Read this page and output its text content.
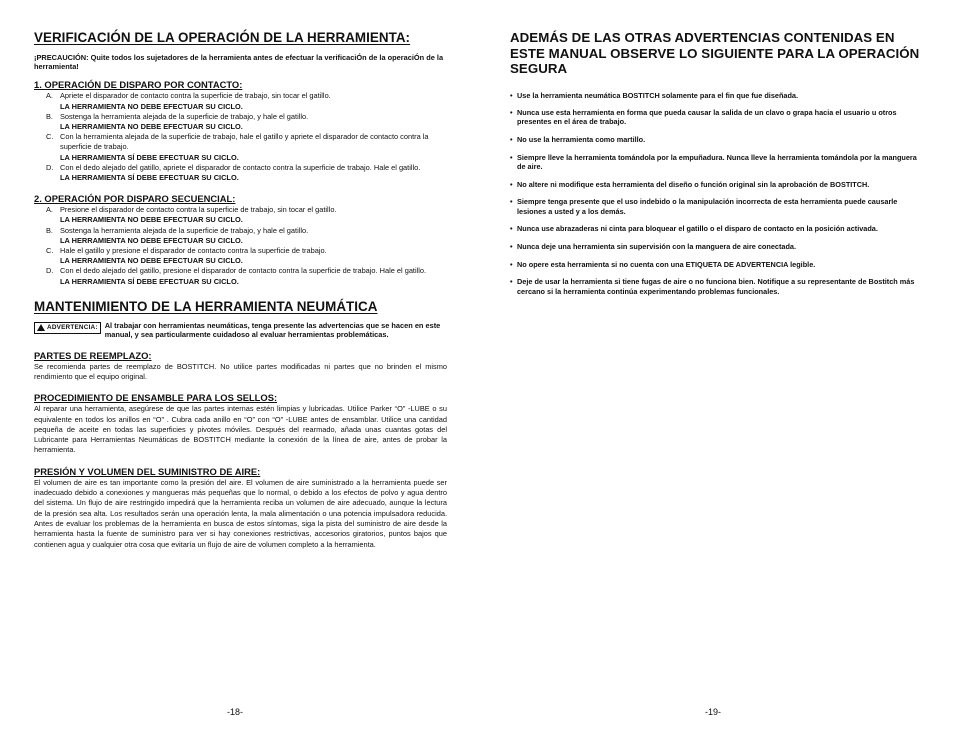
VERIFICACIÓN DE LA OPERACIÓN DE LA HERRAMIENTA:

¡PRECAUCIÓN: Quite todos los sujetadores de la herramienta antes de efectuar la verificaciÓn de la operaciÓn de la herramienta!

1. OPERACIÓN DE DISPARO POR CONTACTO:
A. Apriete el disparador de contacto contra la superficie de trabajo, sin tocar el gatillo.
LA HERRAMIENTA NO DEBE EFECTUAR SU CICLO.
B. Sostenga la herramienta alejada de la superficie de trabajo, y hale el gatillo.
LA HERRAMIENTA NO DEBE EFECTUAR SU CICLO.
C. Con la herramienta alejada de la superficie de trabajo, hale el gatillo y apriete el disparador de contacto contra la superficie de trabajo.
LA HERRAMIENTA SÍ DEBE EFECTUAR SU CICLO.
D. Con el dedo alejado del gatillo, apriete el disparador de contacto contra la superficie de trabajo. Hale el gatillo.
LA HERRAMIENTA SÍ DEBE EFECTUAR SU CICLO.
2. OPERACIÓN POR DISPARO SECUENCIAL:
A. Presione el disparador de contacto contra la superficie de trabajo, sin tocar el gatillo.
LA HERRAMIENTA NO DEBE EFECTUAR SU CICLO.
B. Sostenga la herramienta alejada de la superficie de trabajo, y hale el gatillo.
LA HERRAMIENTA NO DEBE EFECTUAR SU CICLO.
C. Hale el gatillo y presione el disparador de contacto contra la superficie de trabajo.
LA HERRAMIENTA NO DEBE EFECTUAR SU CICLO.
D. Con el dedo alejado del gatillo, presione el disparador de contacto contra la superficie de trabajo. Hale el gatillo.
LA HERRAMIENTA SÍ DEBE EFECTUAR SU CICLO.
MANTENIMIENTO DE LA HERRAMIENTA NEUMÁTICA
ADVERTENCIA: Al trabajar con herramientas neumáticas, tenga presente las advertencias que se hacen en este manual, y sea particularmente cuidadoso al evaluar herramientas problemáticas.
PARTES DE REEMPLAZO:

Se recomienda partes de reemplazo de BOSTITCH. No utilice partes modificadas ni partes que no brinden el mismo rendimiento que el equipo original.

PROCEDIMIENTO DE ENSAMBLE PARA LOS SELLOS:

Al reparar una herramienta, asegúrese de que las partes internas estén limpias y lubricadas. Utilice Parker “O” -LUBE o su equivalente en todos los anillos en “O” . Cubra cada anillo en “O” con “O” -LUBE antes de ensamblar. Utilice una cantidad pequeña de aceite en todas las superficies y pivotes móviles. Después del rearmado, añada unas cuantas gotas del Lubricante para Herramientas Neumáticas de BOSTITCH mediante la conexión de la línea de aire, antes de probar la herramienta.

PRESIÓN Y VOLUMEN DEL SUMINISTRO DE AIRE:

El volumen de aire es tan importante como la presión del aire. El volumen de aire suministrado a la herramienta puede ser inadecuado debido a conexiones y mangueras más pequeñas que lo normal, o debido a los efectos de polvo y agua dentro del sistema. Un flujo de aire restringido impedirá que la herramienta reciba un volumen de aire adecuado, aunque la lectura de la presión sea alta. Los resultados serán una operación lenta, la mala alimentación o una potencia impulsadora reducida. Antes de evaluar los problemas de la herramienta en busca de estos síntomas, siga la pista del suministro de aire desde la herramienta hasta la fuente de suministro para ver si hay conexiones restrictivas, accesorios giratorios, puntos bajos que contienen agua y cualquier otra cosa que evitaría un flujo de aire de volumen completo a la herramienta.

-18-
ADEMÁS DE LAS OTRAS ADVERTENCIAS CONTENIDAS EN ESTE MANUAL OBSERVE LO SIGUIENTE PARA LA OPERACIÓN SEGURA
• Use la herramienta neumática BOSTITCH solamente para el fin que fue diseñada.
• Nunca use esta herramienta en forma que pueda causar la salida de un clavo o grapa hacia el usuario u otros presentes en el área de trabajo.
• No use la herramienta como martillo.
• Siempre lleve la herramienta tomándola por la empuñadura. Nunca lleve la herramienta tomándola por la manguera de aire.
• No altere ni modifique esta herramienta del diseño o función original sin la aprobación de BOSTITCH.
• Siempre tenga presente que el uso indebido o la manipulación incorrecta de esta herramienta puede causarle lesiones a usted y a los demás.
• Nunca use abrazaderas ni cinta para bloquear el gatillo o el disparo de contacto en la posición activada.
• Nunca deje una herramienta sin supervisión con la manguera de aire conectada.
• No opere esta herramienta si no cuenta con una ETIQUETA DE ADVERTENCIA legible.
• Deje de usar la herramienta si tiene fugas de aire o no funciona bien. Notifique a su representante de Bostitch más cercano si la herramienta continúa experimentando problemas funcionales.
-19-
